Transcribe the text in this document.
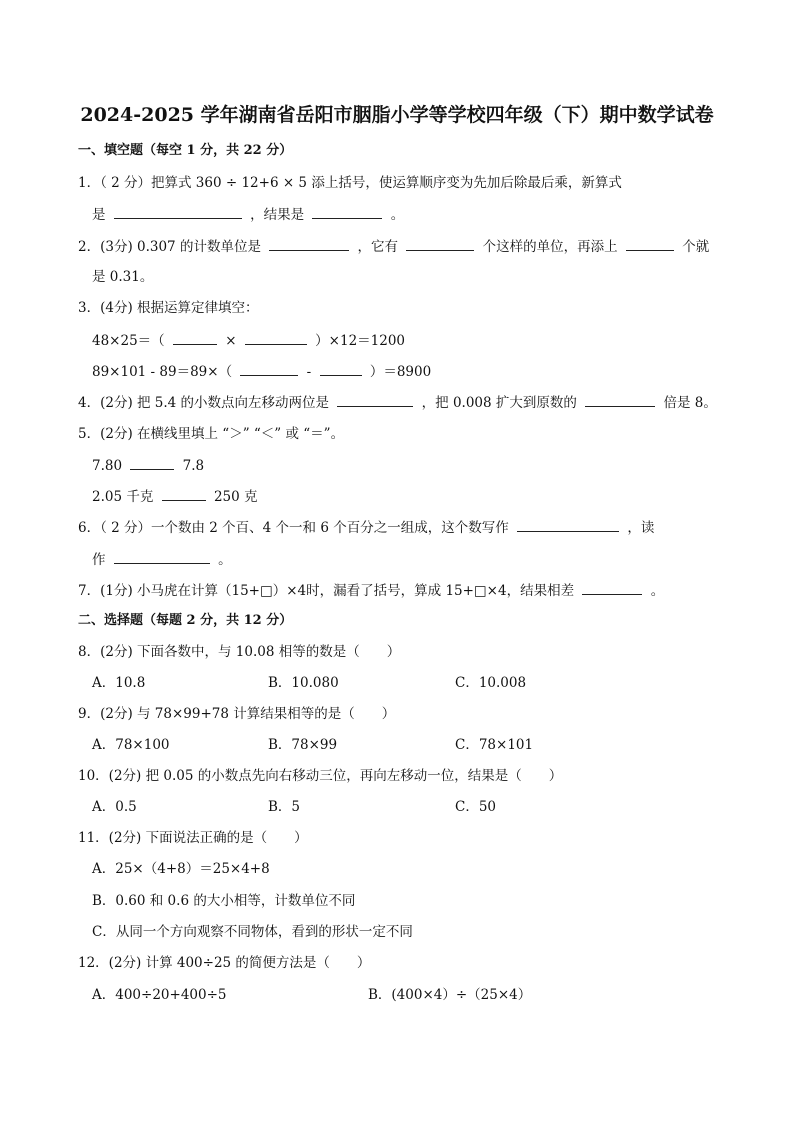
2024-2025 学年湖南省岳阳市胭脂小学等学校四年级（下）期中数学试卷
一、填空题（每空 1 分，共 22 分）
1．（ 2 分）把算式 360 ÷ 12+6 × 5 添上括号，使运算顺序变为先加后除最后乘，新算式
是	，结果是	。
2．(3分) 0.307 的计数单位是	，它有	个这样的单位，再添上	个就
是 0.31。
3．(4分) 根据运算定律填空：
48×25＝（	×	）×12＝1200
89×101 - 89＝89×（	-	）＝8900
4．(2分) 把 5.4 的小数点向左移动两位是	，把 0.008 扩大到原数的	倍是 8。
5．(2分) 在横线里填上 “＞” “＜” 或 “＝”。
7.80	7.8
2.05 千克	250 克
6．（ 2 分）一个数由 2 个百、4 个一和 6 个百分之一组成，这个数写作	，读
作	。
7．(1分) 小马虎在计算（15+□）×4时，漏看了括号，算成 15+□×4，结果相差	。
二、选择题（每题 2 分，共 12 分）
8．(2分) 下面各数中，与 10.08 相等的数是（　　）
A．10.8	B．10.080	C．10.008
9．(2分) 与 78×99+78 计算结果相等的是（　　）
A．78×100	B．78×99	C．78×101
10．(2分) 把 0.05 的小数点先向右移动三位，再向左移动一位，结果是（　　）
A．0.5	B．5	C．50
11．(2分) 下面说法正确的是（　　）
A．25×（4+8）＝25×4+8
B．0.60 和 0.6 的大小相等，计数单位不同
C．从同一个方向观察不同物体，看到的形状一定不同
12．(2分) 计算 400÷25 的简便方法是（　　）
A．400÷20+400÷5	B．(400×4）÷（25×4）
